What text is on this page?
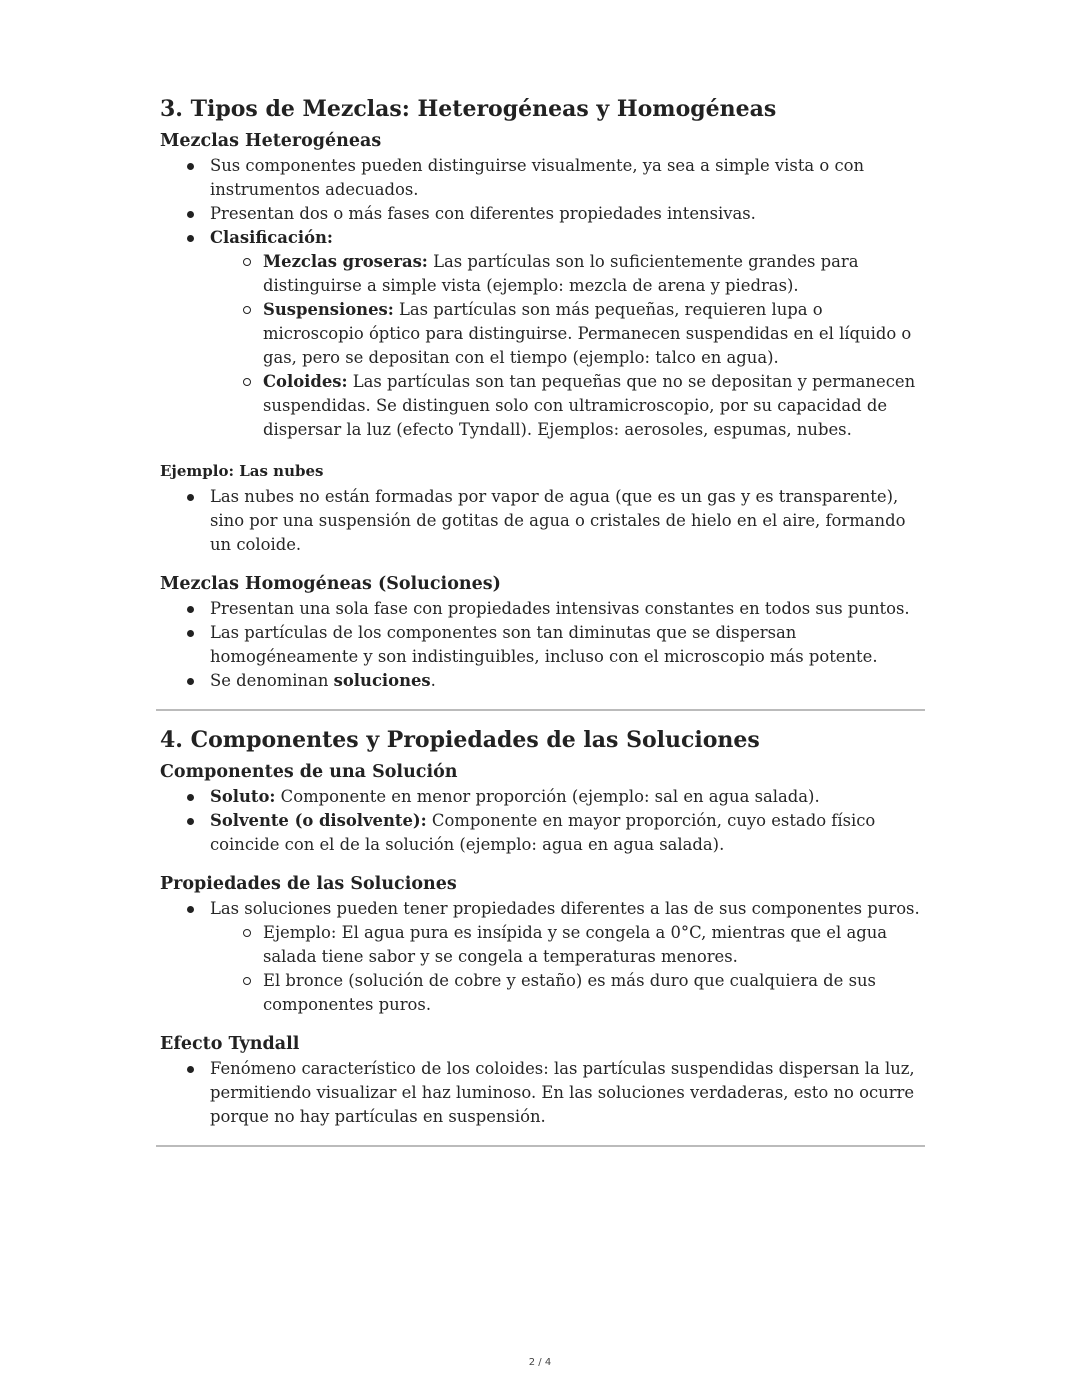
3. Tipos de Mezclas: Heterogéneas y Homogéneas
Mezclas Heterogéneas
Sus componentes pueden distinguirse visualmente, ya sea a simple vista o con instrumentos adecuados.
Presentan dos o más fases con diferentes propiedades intensivas.
Clasificación:
Mezclas groseras: Las partículas son lo suficientemente grandes para distinguirse a simple vista (ejemplo: mezcla de arena y piedras).
Suspensiones: Las partículas son más pequeñas, requieren lupa o microscopio óptico para distinguirse. Permanecen suspendidas en el líquido o gas, pero se depositan con el tiempo (ejemplo: talco en agua).
Coloides: Las partículas son tan pequeñas que no se depositan y permanecen suspendidas. Se distinguen solo con ultramicroscopio, por su capacidad de dispersar la luz (efecto Tyndall). Ejemplos: aerosoles, espumas, nubes.
Ejemplo: Las nubes
Las nubes no están formadas por vapor de agua (que es un gas y es transparente), sino por una suspensión de gotitas de agua o cristales de hielo en el aire, formando un coloide.
Mezclas Homogéneas (Soluciones)
Presentan una sola fase con propiedades intensivas constantes en todos sus puntos.
Las partículas de los componentes son tan diminutas que se dispersan homogéneamente y son indistinguibles, incluso con el microscopio más potente.
Se denominan soluciones.
4. Componentes y Propiedades de las Soluciones
Componentes de una Solución
Soluto: Componente en menor proporción (ejemplo: sal en agua salada).
Solvente (o disolvente): Componente en mayor proporción, cuyo estado físico coincide con el de la solución (ejemplo: agua en agua salada).
Propiedades de las Soluciones
Las soluciones pueden tener propiedades diferentes a las de sus componentes puros.
Ejemplo: El agua pura es insípida y se congela a 0°C, mientras que el agua salada tiene sabor y se congela a temperaturas menores.
El bronce (solución de cobre y estaño) es más duro que cualquiera de sus componentes puros.
Efecto Tyndall
Fenómeno característico de los coloides: las partículas suspendidas dispersan la luz, permitiendo visualizar el haz luminoso. En las soluciones verdaderas, esto no ocurre porque no hay partículas en suspensión.
2 / 4
